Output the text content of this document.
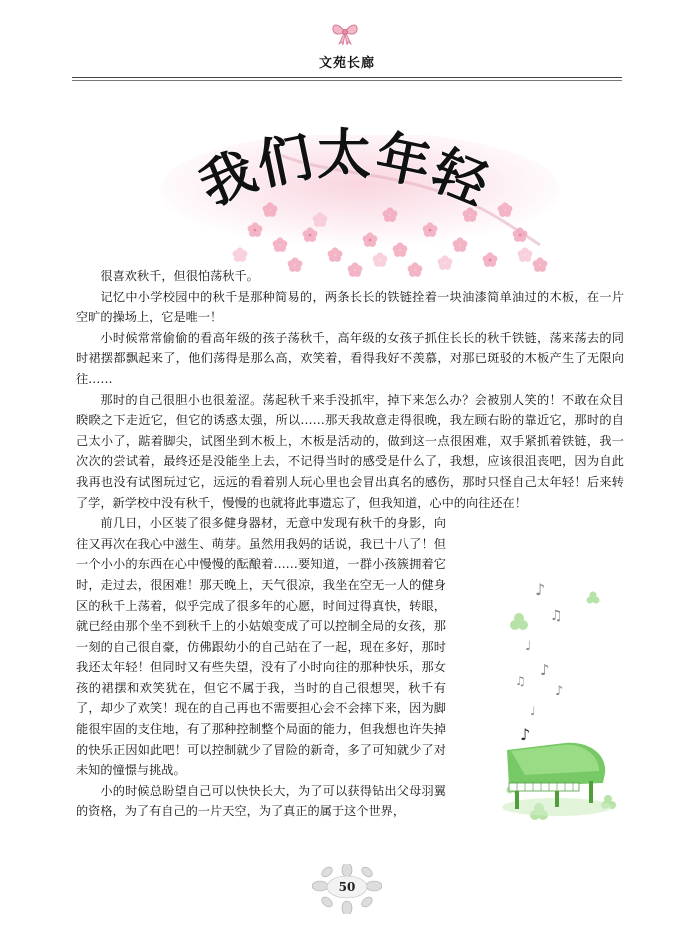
文苑长廊
我们太年轻

很喜欢秋千，但很怕荡秋千。

记忆中小学校园中的秋千是那种简易的，两条长长的铁链拴着一块油漆简单油过的木板，在一片空旷的操场上，它是唯一！

小时候常常偷偷的看高年级的孩子荡秋千，高年级的女孩子抓住长长的秋千铁链，荡来荡去的同时裙摆都飘起来了，他们荡得是那么高，欢笑着，看得我好不羡慕，对那已斑驳的木板产生了无限向往……

那时的自己很胆小也很羞涩。荡起秋千来手没抓牢，掉下来怎么办？会被别人笑的！不敢在众目睽睽之下走近它，但它的诱惑太强，所以……那天我故意走得很晚，我左顾右盼的靠近它，那时的自己太小了，踮着脚尖，试图坐到木板上，木板是活动的，做到这一点很困难，双手紧抓着铁链，我一次次的尝试着，最终还是没能坐上去，不记得当时的感受是什么了，我想，应该很沮丧吧，因为自此我再也没有试图玩过它，远远的看着别人玩心里也会冒出真名的感伤，那时只怪自己太年轻！后来转了学，新学校中没有秋千，慢慢的也就将此事遗忘了，但我知道，心中的向往还在！

前几日，小区装了很多健身器材，无意中发现有秋千的身影，向往又再次在我心中滋生、萌芽。虽然用我妈的话说，我已十八了！但一个小小的东西在心中慢慢的酝酿着……要知道，一群小孩簇拥着它时，走过去，很困难！那天晚上，天气很凉，我坐在空无一人的健身区的秋千上荡着，似乎完成了很多年的心愿，时间过得真快，转眼，就已经由那个坐不到秋千上的小姑娘变成了可以控制全局的女孩，那一刻的自己很自豪，仿佛跟幼小的自己站在了一起，现在多好，那时我还太年轻！但同时又有些失望，没有了小时向往的那种快乐，那女孩的裙摆和欢笑犹在，但它不属于我，当时的自己很想哭，秋千有了，却少了欢笑！现在的自己再也不需要担心会不会摔下来，因为脚能很牢固的支住地，有了那种控制整个局面的能力，但我想也许失掉的快乐正因如此吧！可以控制就少了冒险的新奇，多了可知就少了对未知的憧憬与挑战。

小的时候总盼望自己可以快快长大，为了可以获得钻出父母羽翼的资格，为了有自己的一片天空，为了真正的属于这个世界，

♪
♫
♩
♪
♫
♪
♩
♪
50
